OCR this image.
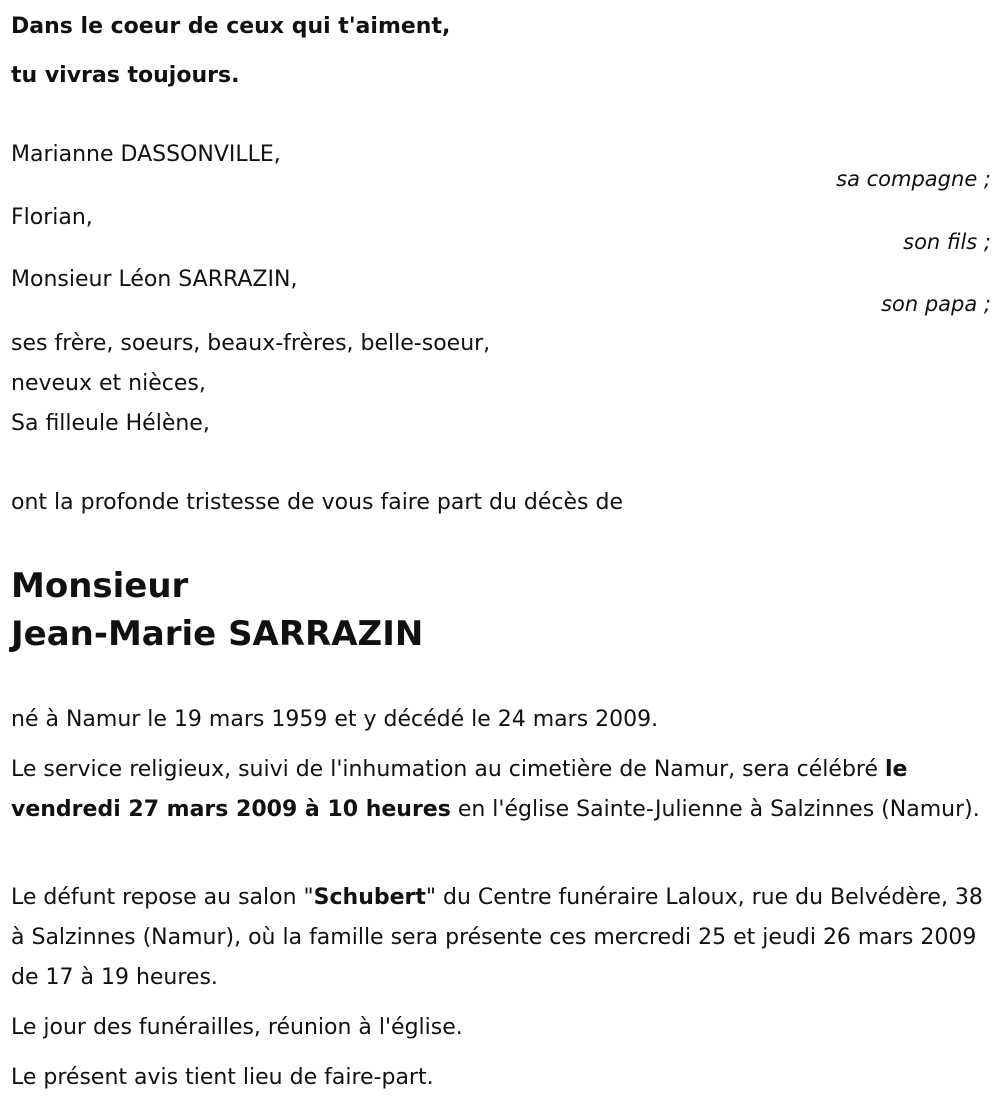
Dans le coeur de ceux qui t'aiment,
tu vivras toujours.
Marianne DASSONVILLE,
sa compagne ;
Florian,
son fils ;
Monsieur Léon SARRAZIN,
son papa ;
ses frère, soeurs, beaux-frères, belle-soeur,
neveux et nièces,
Sa filleule Hélène,
ont la profonde tristesse de vous faire part du décès de
Monsieur
Jean-Marie SARRAZIN
né à Namur le 19 mars 1959 et y décédé le 24 mars 2009.
Le service religieux, suivi de l'inhumation au cimetière de Namur, sera célébré le vendredi 27 mars 2009 à 10 heures en l'église Sainte-Julienne à Salzinnes (Namur).
Le défunt repose au salon "Schubert" du Centre funéraire Laloux, rue du Belvédère, 38 à Salzinnes (Namur), où la famille sera présente ces mercredi 25 et jeudi 26 mars 2009 de 17 à 19 heures.
Le jour des funérailles, réunion à l'église.
Le présent avis tient lieu de faire-part.
